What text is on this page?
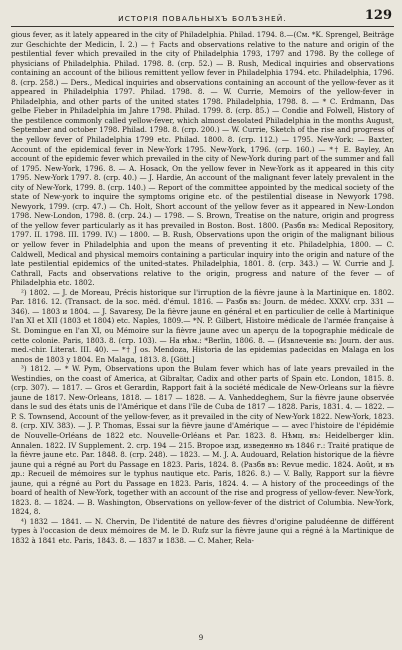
ИСТОРІЯ ПОВАЛЬНЫХЪ БОЛѢЗНЕЙ.	129

gious fever, as it lately appeared in the city of Philadelphia. Philad. 1794. 8.—(Cм. *K. Sprengel, Beiträge zur Geschichte der Medicin, I. 2.) — † Facts and observations relative to the nature and origin of the pestilential fever which prevailed in the city of Philadelphia 1793, 1797 and 1798. By the college of physicians of Philadelphia. Philad. 1798. 8. (crp. 52.) — B. Rush, Medical inquiries and observations containing an account of the bilious remittent yellow fever in Philadelphia 1794. etc. Philadelphia, 1796. 8. (crp. 258.) — Ders., Medical inquiries and observations containing an account of the yellow-fever as it appeared in Philadelphia 1797. Philad. 1798. 8. — W. Currie, Memoirs of the yellow-fever in Philadelphia, and other parts of the united states 1798. Philadelphia, 1798. 8. — * C. Erdmann, Das gelbe Fieber in Philadelphia im Jahre 1798. Philad. 1799. 8. (crp. 85.) — Condie and Folwell, History of the pestilence commonly called yellow-fever, which almost desolated Philadelphia in the months August, September and october 1798. Philad. 1798. 8. (crp. 200.) — W. Currie, Sketch of the rise and progress of the yellow fever of Philadelphia 1799 etc. Philad. 1800. 8. (crp. 112.) — 1795. New-York: — Baxter, Account of the epidemical fever in New-York 1795. New-York, 1796. (crp. 160.) — *† E. Bayley, An account of the epidemic fever which prevailed in the city of New-York during part of the summer and fall of 1795. New-York, 1796. 8. — A. Hosack, On the yellow fever in New-York as it appeared in this city 1795. New-York 1797. 8. (crp. 40.) — J. Hardie, An account of the malignant fever lately prevalent in the city of New-York, 1799. 8. (crp. 140.) — Report of the committee appointed by the medical society of the state of New-york to inquire the symptoms origine etc. of the pestilential disease in Newyork 1798. Newyork, 1799. (crp. 47.) — Ch. Holt, Short account of the yellow fever as it appeared in New-London 1798. New-London, 1798. 8. (crp. 24.) — 1798. — S. Brown, Treatise on the nature, origin and progress of the yellow fever particularly as it has prevailed in Boston. Bost. 1800. (Разбв въ: Medical Repository, 1797. II. 1798. III. 1799. IV.) — 1800. — B. Rush, Observations upon the origin of the malignant bilious or yellow fever in Philadelphia and upon the means of preventing it etc. Philadelphia, 1800. — C. Caldwell, Medical and physical memoirs containing a particular inquiry into the origin and nature of the late pestilential epidemics of the united-states. Philadelphia, 1801. 8. (crp. 343.) — W. Currie and J. Cathrall, Facts and observations relative to the origin, progress and nature of the fever — of Philadelphia etc. 1802.

²) 1802. — J. de Moreau, Précis historique sur l'irruption de la fièvre jaune à la Martinique en. 1802. Par. 1816. 12. (Transact. de la soc. méd. d'émul. 1816. — Разбв въ: Journ. de médec. XXXV. crp. 331 — 346). — 1803 и 1804. — J. Savaresy, De la fièvre jaune en général et en particulier de celle à Martinique l'an XI et XII (1803 et 1804) etc. Naples, 1809.— *N. P. Gilbert, Histoire médicale de l'armée française à St. Domingue en l'an XI, ou Mémoire sur la fièvre jaune avec un aperçu de la topographie médicale de cette colonie. Paris, 1803. 8. (crp. 103). — На нѣм.: *Berlin, 1806. 8. — (Извлеченіе въ: Journ. der aus. med.-chir. Literat. III. 40). — *† J os. Mendoza, Historia de las epidemias padecidas en Malaga en los annos de 1803 y 1804. En Malaga, 1813. 8. [Gött.]

³) 1812. — * W. Pym, Observations upon the Bulam fever which has of late years prevailed in the Westindies, on the coast of America, at Gibraltar, Cadix and other parts of Spain etc. London, 1815. 8. (crp. 307). — 1817. — Gros et Gerardin, Rapport fait à la société médicale de New-Orleans sur la fièvre jaune de 1817. New-Orleans, 1818. — 1817 — 1828. — A. Vanheddeghem, Sur la fièvre jaune observée dans le sud des états unis de l'Amérique et dans l'île de Cuba de 1817 — 1828. Paris, 1831. 4. — 1822. — P. S. Townsend, Account of the yellow-fever, as it prevailed in the city of New-York 1822. New-York, 1823. 8. (crp. XIV. 383). — J. P. Thomas, Essai sur la fièvre jaune d'Amérique — — avec l'histoire de l'épidémie de Nouvelle-Orléans de 1822 etc. Nouvelle-Orléans et Par. 1823. 8. Нѣмц. въ: Heidelberger klin. Annalen. 1822. IV Supplement. 2. crp. 194 — 215. Второе изд, изведенно въ 1846 г.: Traité pratique de la fièvre jaune etc. Par. 1848. 8. (crp. 248). — 1823. — M. J. A. Audouard, Relation historique de la fièvre jaune qui a régné au Port du Passage en 1823. Paris, 1824. 8. (Разбв въ: Revue medic. 1824. Août, и въ др.: Recueil de mémoires sur le typhus nautique etc. Paris, 1826. 8.) — V. Bally, Rapport sur la fièvre jaune, qui a régné au Port du Passage en 1823. Paris, 1824. 4. — A history of the proceedings of the board of health of New-York, together with an account of the rise and progress of yellow-fever. New-York, 1823. 8. — 1824. — B. Washington, Observations on yellow-fever of the district of Columbia. New-York, 1824, 8.

⁴) 1832 — 1841. — N. Chervin, De l'identité de nature des fièvres d'origine paludéenne de différent types à l'occasion de deux mémoires de M. le D. Rufz sur la fièvre jaune qui a régné à la Martinique de 1832 à 1841 etc. Paris, 1843. 8. — 1837 и 1838. — C. Maher, Rela-

9
